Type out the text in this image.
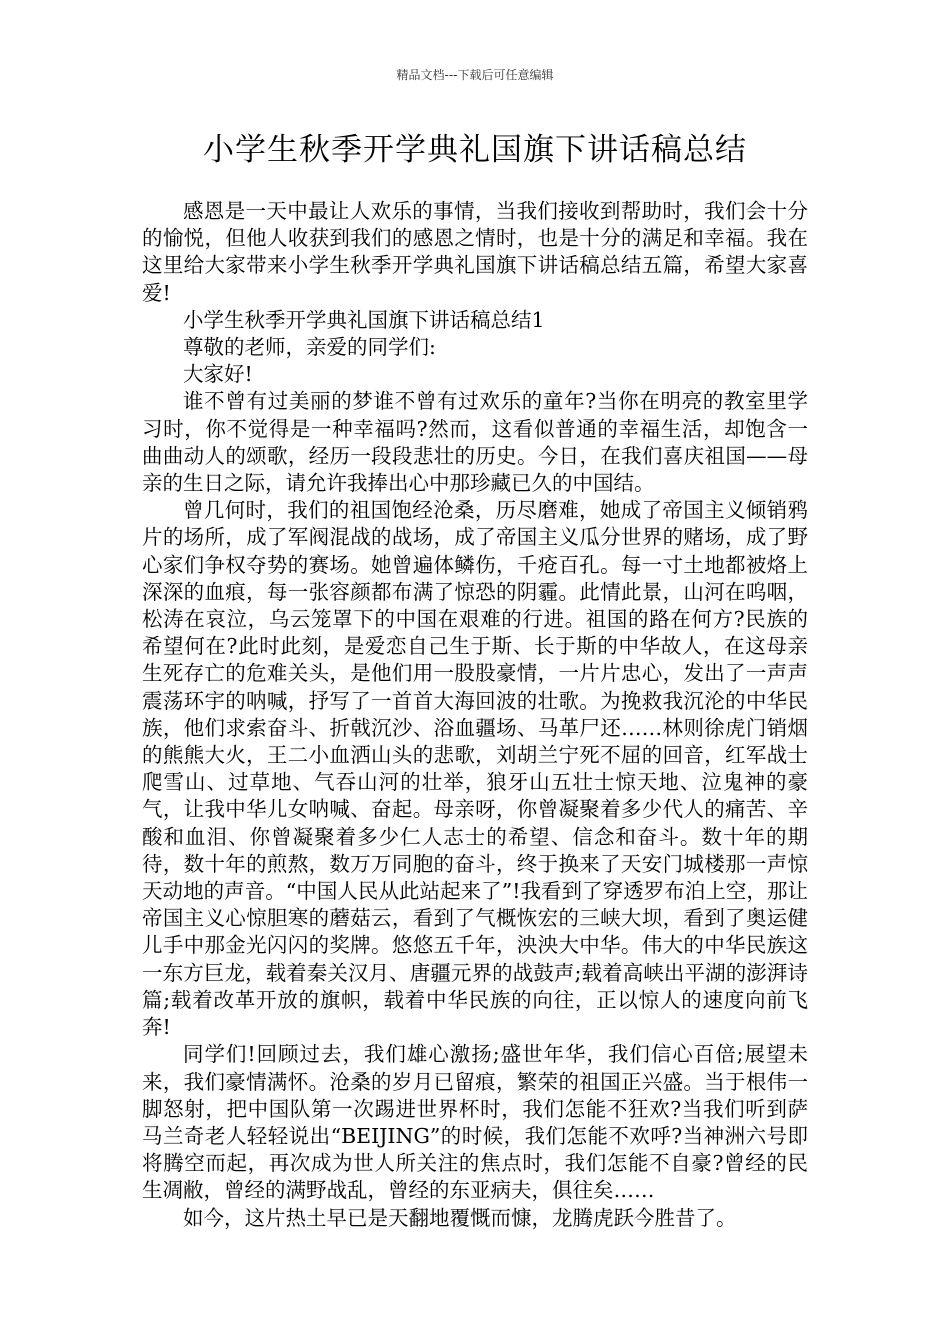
精品文档---下载后可任意编辑
小学生秋季开学典礼国旗下讲话稿总结

感恩是一天中最让人欢乐的事情，当我们接收到帮助时，我们会十分的愉悦，但他人收获到我们的感恩之情时，也是十分的满足和幸福。我在这里给大家带来小学生秋季开学典礼国旗下讲话稿总结五篇，希望大家喜爱!

小学生秋季开学典礼国旗下讲话稿总结1

尊敬的老师，亲爱的同学们:

大家好!

谁不曾有过美丽的梦谁不曾有过欢乐的童年?当你在明亮的教室里学习时，你不觉得是一种幸福吗?然而，这看似普通的幸福生活，却饱含一曲曲动人的颂歌，经历一段段悲壮的历史。今日，在我们喜庆祖国——母亲的生日之际，请允许我捧出心中那珍藏已久的中国结。

曾几何时，我们的祖国饱经沧桑，历尽磨难，她成了帝国主义倾销鸦片的场所，成了军阀混战的战场，成了帝国主义瓜分世界的赌场，成了野心家们争权夺势的赛场。她曾遍体鳞伤，千疮百孔。每一寸土地都被烙上深深的血痕，每一张容颜都布满了惊恐的阴霾。此情此景，山河在呜咽，松涛在哀泣，乌云笼罩下的中国在艰难的行进。祖国的路在何方?民族的希望何在?此时此刻，是爱恋自己生于斯、长于斯的中华故人，在这母亲生死存亡的危难关头，是他们用一股股豪情，一片片忠心，发出了一声声震荡环宇的呐喊，抒写了一首首大海回波的壮歌。为挽救我沉沦的中华民族，他们求索奋斗、折戟沉沙、浴血疆场、马革尸还……林则徐虎门销烟的熊熊大火，王二小血洒山头的悲歌，刘胡兰宁死不屈的回音，红军战士爬雪山、过草地、气吞山河的壮举，狼牙山五壮士惊天地、泣鬼神的豪气，让我中华儿女呐喊、奋起。母亲呀，你曾凝聚着多少代人的痛苦、辛酸和血泪、你曾凝聚着多少仁人志士的希望、信念和奋斗。数十年的期待，数十年的煎熬，数万万同胞的奋斗，终于换来了天安门城楼那一声惊天动地的声音。“中国人民从此站起来了”!我看到了穿透罗布泊上空，那让帝国主义心惊胆寒的蘑菇云，看到了气概恢宏的三峡大坝，看到了奥运健儿手中那金光闪闪的奖牌。悠悠五千年，泱泱大中华。伟大的中华民族这一东方巨龙，载着秦关汉月、唐疆元界的战鼓声;载着高峡出平湖的澎湃诗篇;载着改革开放的旗帜，载着中华民族的向往，正以惊人的速度向前飞奔!

同学们!回顾过去，我们雄心激扬;盛世年华，我们信心百倍;展望未来，我们豪情满怀。沧桑的岁月已留痕，繁荣的祖国正兴盛。当于根伟一脚怒射，把中国队第一次踢进世界杯时，我们怎能不狂欢?当我们听到萨马兰奇老人轻轻说出“BEIJING”的时候，我们怎能不欢呼?当神洲六号即将腾空而起，再次成为世人所关注的焦点时，我们怎能不自豪?曾经的民生凋敝，曾经的满野战乱，曾经的东亚病夫，俱往矣……

如今，这片热土早已是天翻地覆慨而慷，龙腾虎跃今胜昔了。
